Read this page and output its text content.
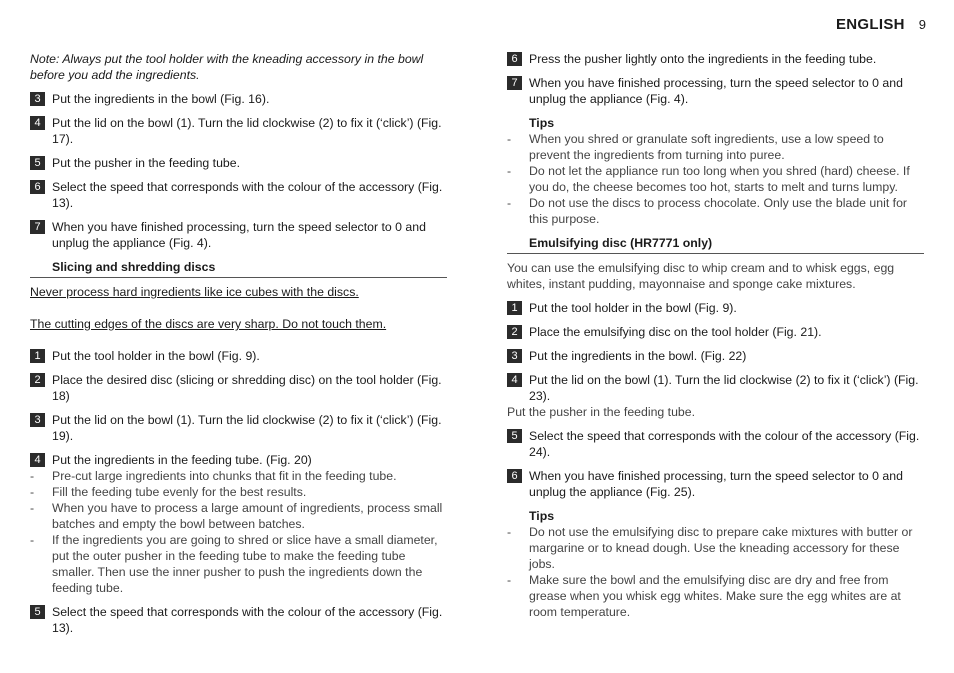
ENGLISH 9
Note: Always put the tool holder with the kneading accessory in the bowl before you add the ingredients.
3 Put the ingredients in the bowl (Fig. 16).
4 Put the lid on the bowl (1). Turn the lid clockwise (2) to fix it (‘click’) (Fig. 17).
5 Put the pusher in the feeding tube.
6 Select the speed that corresponds with the colour of the accessory (Fig. 13).
7 When you have finished processing, turn the speed selector to 0 and unplug the appliance (Fig. 4).
Slicing and shredding discs
Never process hard ingredients like ice cubes with the discs.
The cutting edges of the discs are very sharp. Do not touch them.
1 Put the tool holder in the bowl (Fig. 9).
2 Place the desired disc (slicing or shredding disc) on the tool holder (Fig. 18)
3 Put the lid on the bowl (1). Turn the lid clockwise (2) to fix it (‘click’) (Fig. 19).
4 Put the ingredients in the feeding tube. (Fig. 20)
- Pre-cut large ingredients into chunks that fit in the feeding tube.
- Fill the feeding tube evenly for the best results.
- When you have to process a large amount of ingredients, process small batches and empty the bowl between batches.
- If the ingredients you are going to shred or slice have a small diameter, put the outer pusher in the feeding tube to make the feeding tube smaller. Then use the inner pusher to push the ingredients down the feeding tube.
5 Select the speed that corresponds with the colour of the accessory (Fig. 13).
6 Press the pusher lightly onto the ingredients in the feeding tube.
7 When you have finished processing, turn the speed selector to 0 and unplug the appliance (Fig. 4).
Tips
- When you shred or granulate soft ingredients, use a low speed to prevent the ingredients from turning into puree.
- Do not let the appliance run too long when you shred (hard) cheese. If you do, the cheese becomes too hot, starts to melt and turns lumpy.
- Do not use the discs to process chocolate. Only use the blade unit for this purpose.
Emulsifying disc (HR7771 only)
You can use the emulsifying disc to whip cream and to whisk eggs, egg whites, instant pudding, mayonnaise and sponge cake mixtures.
1 Put the tool holder in the bowl (Fig. 9).
2 Place the emulsifying disc on the tool holder (Fig. 21).
3 Put the ingredients in the bowl. (Fig. 22)
4 Put the lid on the bowl (1). Turn the lid clockwise (2) to fix it (‘click’) (Fig. 23).
Put the pusher in the feeding tube.
5 Select the speed that corresponds with the colour of the accessory (Fig. 24).
6 When you have finished processing, turn the speed selector to 0 and unplug the appliance (Fig. 25).
Tips
- Do not use the emulsifying disc to prepare cake mixtures with butter or margarine or to knead dough. Use the kneading accessory for these jobs.
- Make sure the bowl and the emulsifying disc are dry and free from grease when you whisk egg whites. Make sure the egg whites are at room temperature.
